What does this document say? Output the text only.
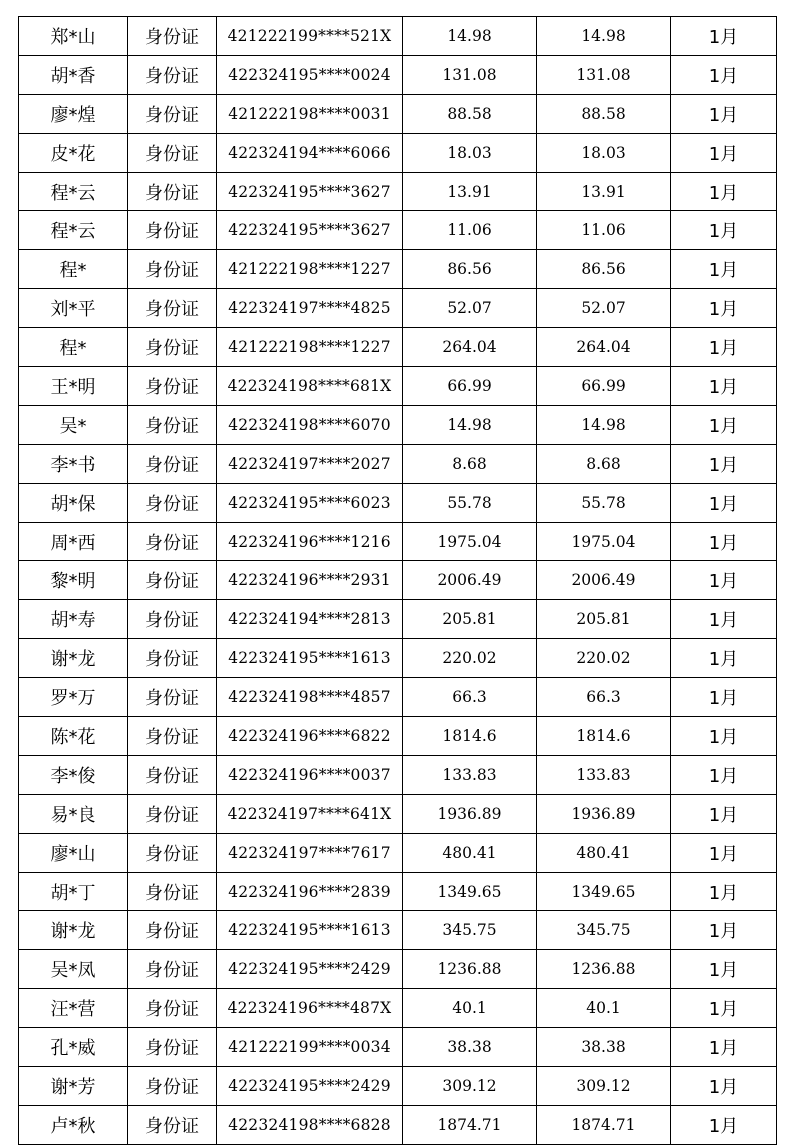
郑*山	身份证	421222199****521X	14.98	14.98	1月
胡*香	身份证	422324195****0024	131.08	131.08	1月
廖*煌	身份证	421222198****0031	88.58	88.58	1月
皮*花	身份证	422324194****6066	18.03	18.03	1月
程*云	身份证	422324195****3627	13.91	13.91	1月
程*云	身份证	422324195****3627	11.06	11.06	1月
程*	身份证	421222198****1227	86.56	86.56	1月
刘*平	身份证	422324197****4825	52.07	52.07	1月
程*	身份证	421222198****1227	264.04	264.04	1月
王*明	身份证	422324198****681X	66.99	66.99	1月
吴*	身份证	422324198****6070	14.98	14.98	1月
李*书	身份证	422324197****2027	8.68	8.68	1月
胡*保	身份证	422324195****6023	55.78	55.78	1月
周*西	身份证	422324196****1216	1975.04	1975.04	1月
黎*明	身份证	422324196****2931	2006.49	2006.49	1月
胡*寿	身份证	422324194****2813	205.81	205.81	1月
谢*龙	身份证	422324195****1613	220.02	220.02	1月
罗*万	身份证	422324198****4857	66.3	66.3	1月
陈*花	身份证	422324196****6822	1814.6	1814.6	1月
李*俊	身份证	422324196****0037	133.83	133.83	1月
易*良	身份证	422324197****641X	1936.89	1936.89	1月
廖*山	身份证	422324197****7617	480.41	480.41	1月
胡*丁	身份证	422324196****2839	1349.65	1349.65	1月
谢*龙	身份证	422324195****1613	345.75	345.75	1月
吴*凤	身份证	422324195****2429	1236.88	1236.88	1月
汪*营	身份证	422324196****487X	40.1	40.1	1月
孔*威	身份证	421222199****0034	38.38	38.38	1月
谢*芳	身份证	422324195****2429	309.12	309.12	1月
卢*秋	身份证	422324198****6828	1874.71	1874.71	1月
